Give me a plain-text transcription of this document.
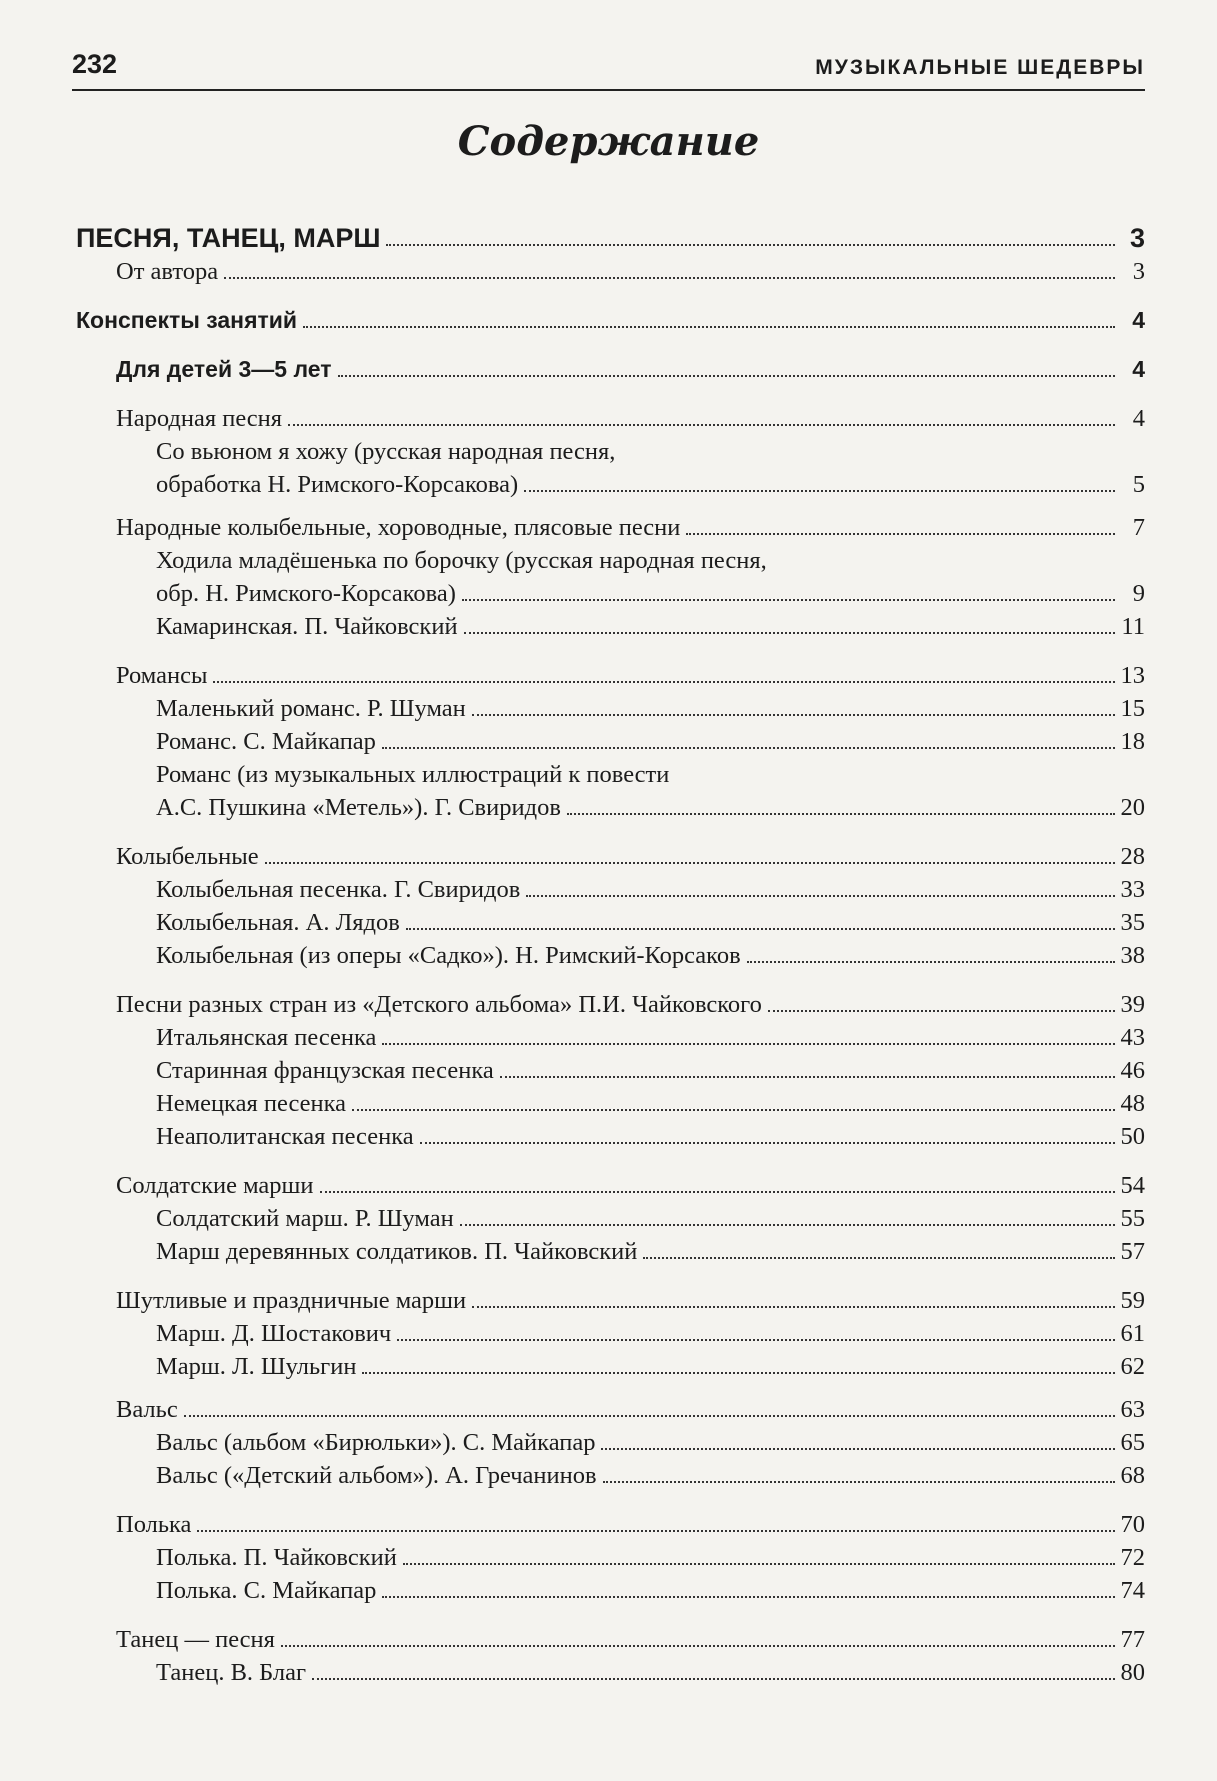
232	МУЗЫКАЛЬНЫЕ ШЕДЕВРЫ
Содержание
ПЕСНЯ, ТАНЕЦ, МАРШ	3
От автора	3
Конспекты занятий	4
Для детей 3—5 лет	4
Народная песня	4
Со вьюном я хожу (русская народная песня,
обработка Н. Римского-Корсакова)	5
Народные колыбельные, хороводные, плясовые песни	7
Ходила младёшенька по борочку (русская народная песня,
обр. Н. Римского-Корсакова)	9
Камаринская. П. Чайковский	11
Романсы	13
Маленький романс. Р. Шуман	15
Романс. С. Майкапар	18
Романс (из музыкальных иллюстраций к повести
А.С. Пушкина «Метель»). Г. Свиридов	20
Колыбельные	28
Колыбельная песенка. Г. Свиридов	33
Колыбельная. А. Лядов	35
Колыбельная (из оперы «Садко»). Н. Римский-Корсаков	38
Песни разных стран из «Детского альбома» П.И. Чайковского	39
Итальянская песенка	43
Старинная французская песенка	46
Немецкая песенка	48
Неаполитанская песенка	50
Солдатские марши	54
Солдатский марш. Р. Шуман	55
Марш деревянных солдатиков. П. Чайковский	57
Шутливые и праздничные марши	59
Марш. Д. Шостакович	61
Марш. Л. Шульгин	62
Вальс	63
Вальс (альбом «Бирюльки»). С. Майкапар	65
Вальс («Детский альбом»). А. Гречанинов	68
Полька	70
Полька. П. Чайковский	72
Полька. С. Майкапар	74
Танец — песня	77
Танец. В. Благ	80
